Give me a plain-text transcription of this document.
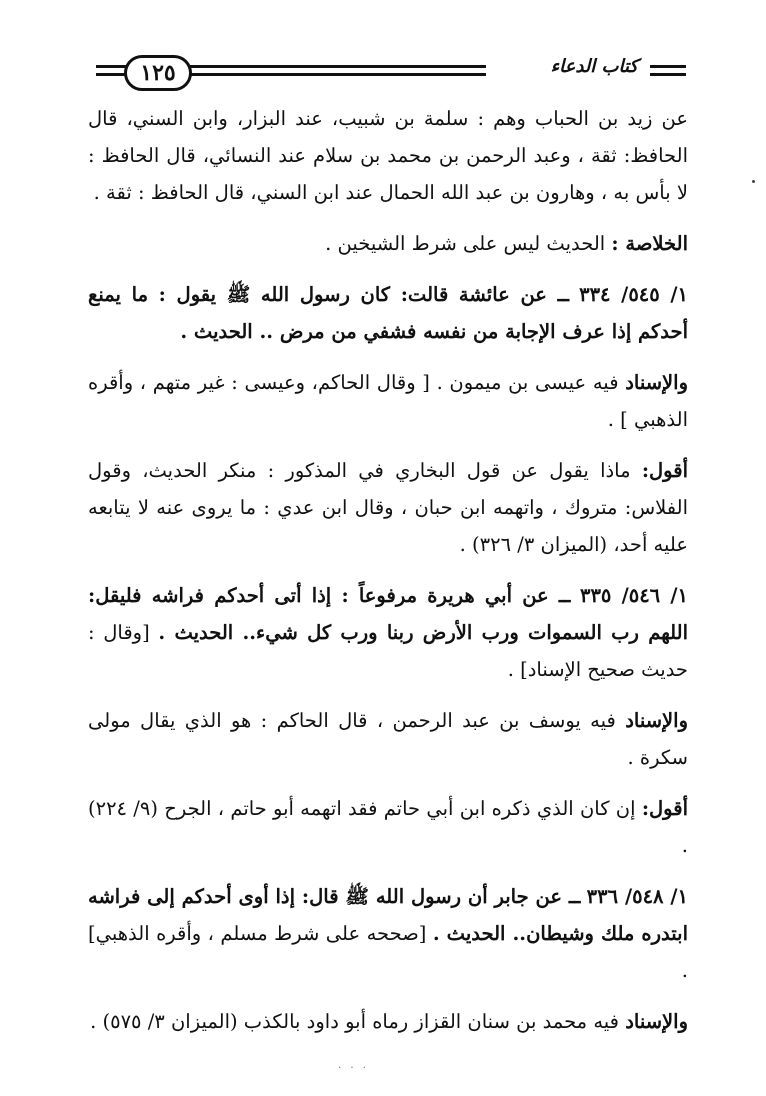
١٢٥	كتاب الدعاء

عن زيد بن الحباب وهم : سلمة بن شبيب، عند البزار، وابن السني، قال الحافظ: ثقة ، وعبد الرحمن بن محمد بن سلام عند النسائي، قال الحافظ : لا بأس به ، وهارون بن عبد الله الحمال عند ابن السني، قال الحافظ : ثقة .

الخلاصة : الحديث ليس على شرط الشيخين .

١/ ٥٤٥/ ٣٣٤ ــ عن عائشة قالت: كان رسول الله ﷺ يقول : ما يمنع أحدكم إذا عرف الإجابة من نفسه فشفي من مرض .. الحديث .

والإسناد فيه عيسى بن ميمون . [ وقال الحاكم، وعيسى : غير متهم ، وأقره الذهبي ] .

أقول: ماذا يقول عن قول البخاري في المذكور : منكر الحديث، وقول الفلاس: متروك ، واتهمه ابن حبان ، وقال ابن عدي : ما يروى عنه لا يتابعه عليه أحد، (الميزان ٣/ ٣٢٦) .

١/ ٥٤٦/ ٣٣٥ ــ عن أبي هريرة مرفوعاً : إذا أتى أحدكم فراشه فليقل: اللهم رب السموات ورب الأرض ربنا ورب كل شيء.. الحديث . [وقال : حديث صحيح الإسناد] .

والإسناد فيه يوسف بن عبد الرحمن ، قال الحاكم : هو الذي يقال مولى سكرة .

أقول: إن كان الذي ذكره ابن أبي حاتم فقد اتهمه أبو حاتم ، الجرح (٩/ ٢٢٤) .

١/ ٥٤٨/ ٣٣٦ ــ عن جابر أن رسول الله ﷺ قال: إذا أوى أحدكم إلى فراشه ابتدره ملك وشيطان.. الحديث . [صححه على شرط مسلم ، وأقره الذهبي] .

والإسناد فيه محمد بن سنان القزاز رماه أبو داود بالكذب (الميزان ٣/ ٥٧٥) .

. . .
